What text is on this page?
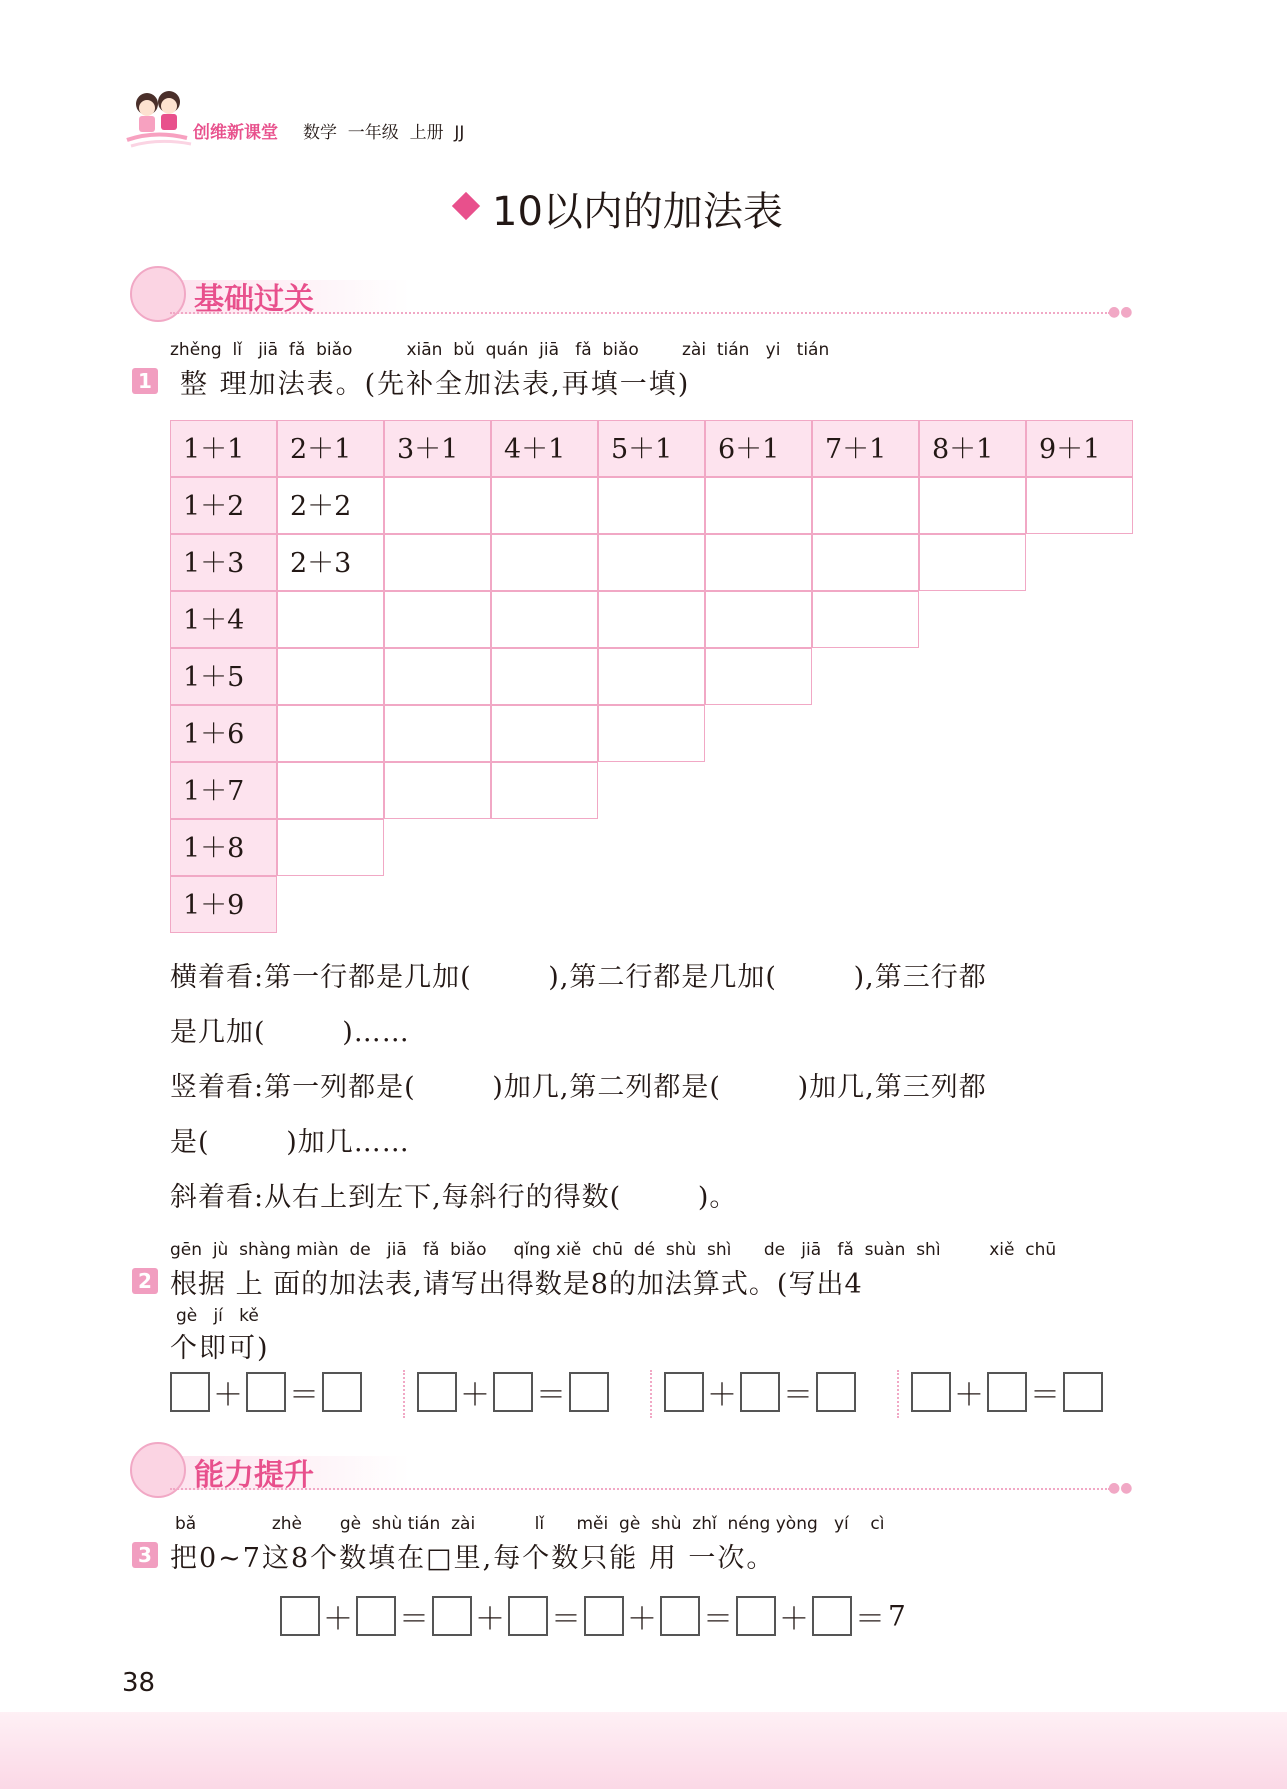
创维新课堂 数学  一年级  上册  JJ
10以内的加法表
●●
基础过关
zhěng  lǐ   jiā  fǎ  biǎo          xiān  bǔ  quán  jiā   fǎ  biǎo        zài  tián   yi   tián
1 整 理加法表。(先补全加法表,再填一填)
1＋1	2＋1	3＋1	4＋1	5＋1	6＋1	7＋1	8＋1	9＋1
1＋2	2＋2
1＋3	2＋3
1＋4
1＋5
1＋6
1＋7
1＋8
1＋9
横着看:第一行都是几加(        ),第二行都是几加(        ),第三行都
是几加(        )……
竖着看:第一列都是(        )加几,第二列都是(        )加几,第三列都
是(        )加几……
斜着看:从右上到左下,每斜行的得数(        )。
gēn  jù  shàng miàn  de   jiā   fǎ  biǎo     qǐng xiě  chū  dé  shù  shì      de   jiā   fǎ  suàn  shì         xiě  chū
2 根据 上 面的加法表,请写出得数是8的加法算式。(写出4
gè   jí   kě
个即可)
＋ ＝	＋ ＝	＋ ＝	＋ ＝
●●
能力提升
bǎ              zhè       gè  shù tián  zài           lǐ      měi  gè  shù  zhǐ  néng yòng   yí    cì
3 把0~7这8个数填在□里,每个数只能 用 一次。
＋ ＝ ＋ ＝ ＋ ＝ ＋ ＝ 7
38
